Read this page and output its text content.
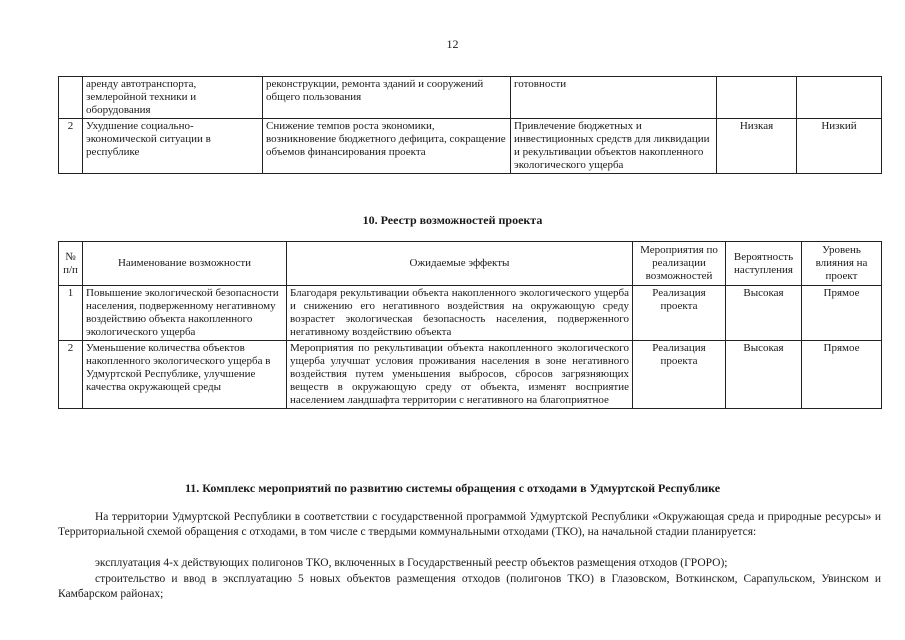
12
	аренду автотранспорта, землеройной техники и оборудования	реконструкции, ремонта зданий и сооружений общего пользования	готовности		
2	Ухудшение социально-экономической ситуации в республике	Снижение темпов роста экономики, возникновение бюджетного дефицита, сокращение объемов финансирования проекта	Привлечение бюджетных и инвестиционных средств для ликвидации и рекультивации объектов накопленного экологического ущерба	Низкая	Низкий
10. Реестр возможностей проекта
№ п/п	Наименование возможности	Ожидаемые эффекты	Мероприятия по реализации возможностей	Вероятность наступления	Уровень влияния на проект
1	Повышение экологической безопасности населения, подверженному негативному воздействию объекта накопленного экологического ущерба	Благодаря рекультивации объекта накопленного экологического ущерба и снижению его негативного воздействия на окружающую среду возрастет экологическая безопасность населения, подверженного негативному воздействию объекта	Реализация проекта	Высокая	Прямое
2	Уменьшение количества объектов накопленного экологического ущерба в Удмуртской Республике, улучшение качества окружающей среды	Мероприятия по рекультивации объекта накопленного экологического ущерба улучшат условия проживания населения в зоне негативного воздействия путем уменьшения выбросов, сбросов загрязняющих веществ в окружающую среду от объекта, изменят восприятие населением ландшафта территории с негативного на благоприятное	Реализация проекта	Высокая	Прямое
11. Комплекс мероприятий по развитию системы обращения с отходами в Удмуртской Республике
На территории Удмуртской Республики в соответствии с государственной программой Удмуртской Республики «Окружающая среда и природные ресурсы» и Территориальной схемой обращения с отходами, в том числе с твердыми коммунальными отходами (ТКО), на начальной стадии планируется:
эксплуатация 4-х действующих полигонов ТКО, включенных в Государственный реестр объектов размещения отходов (ГРОРО);
строительство и ввод в эксплуатацию 5 новых объектов размещения отходов (полигонов ТКО) в Глазовском, Воткинском, Сарапульском, Увинском и Камбарском районах;
